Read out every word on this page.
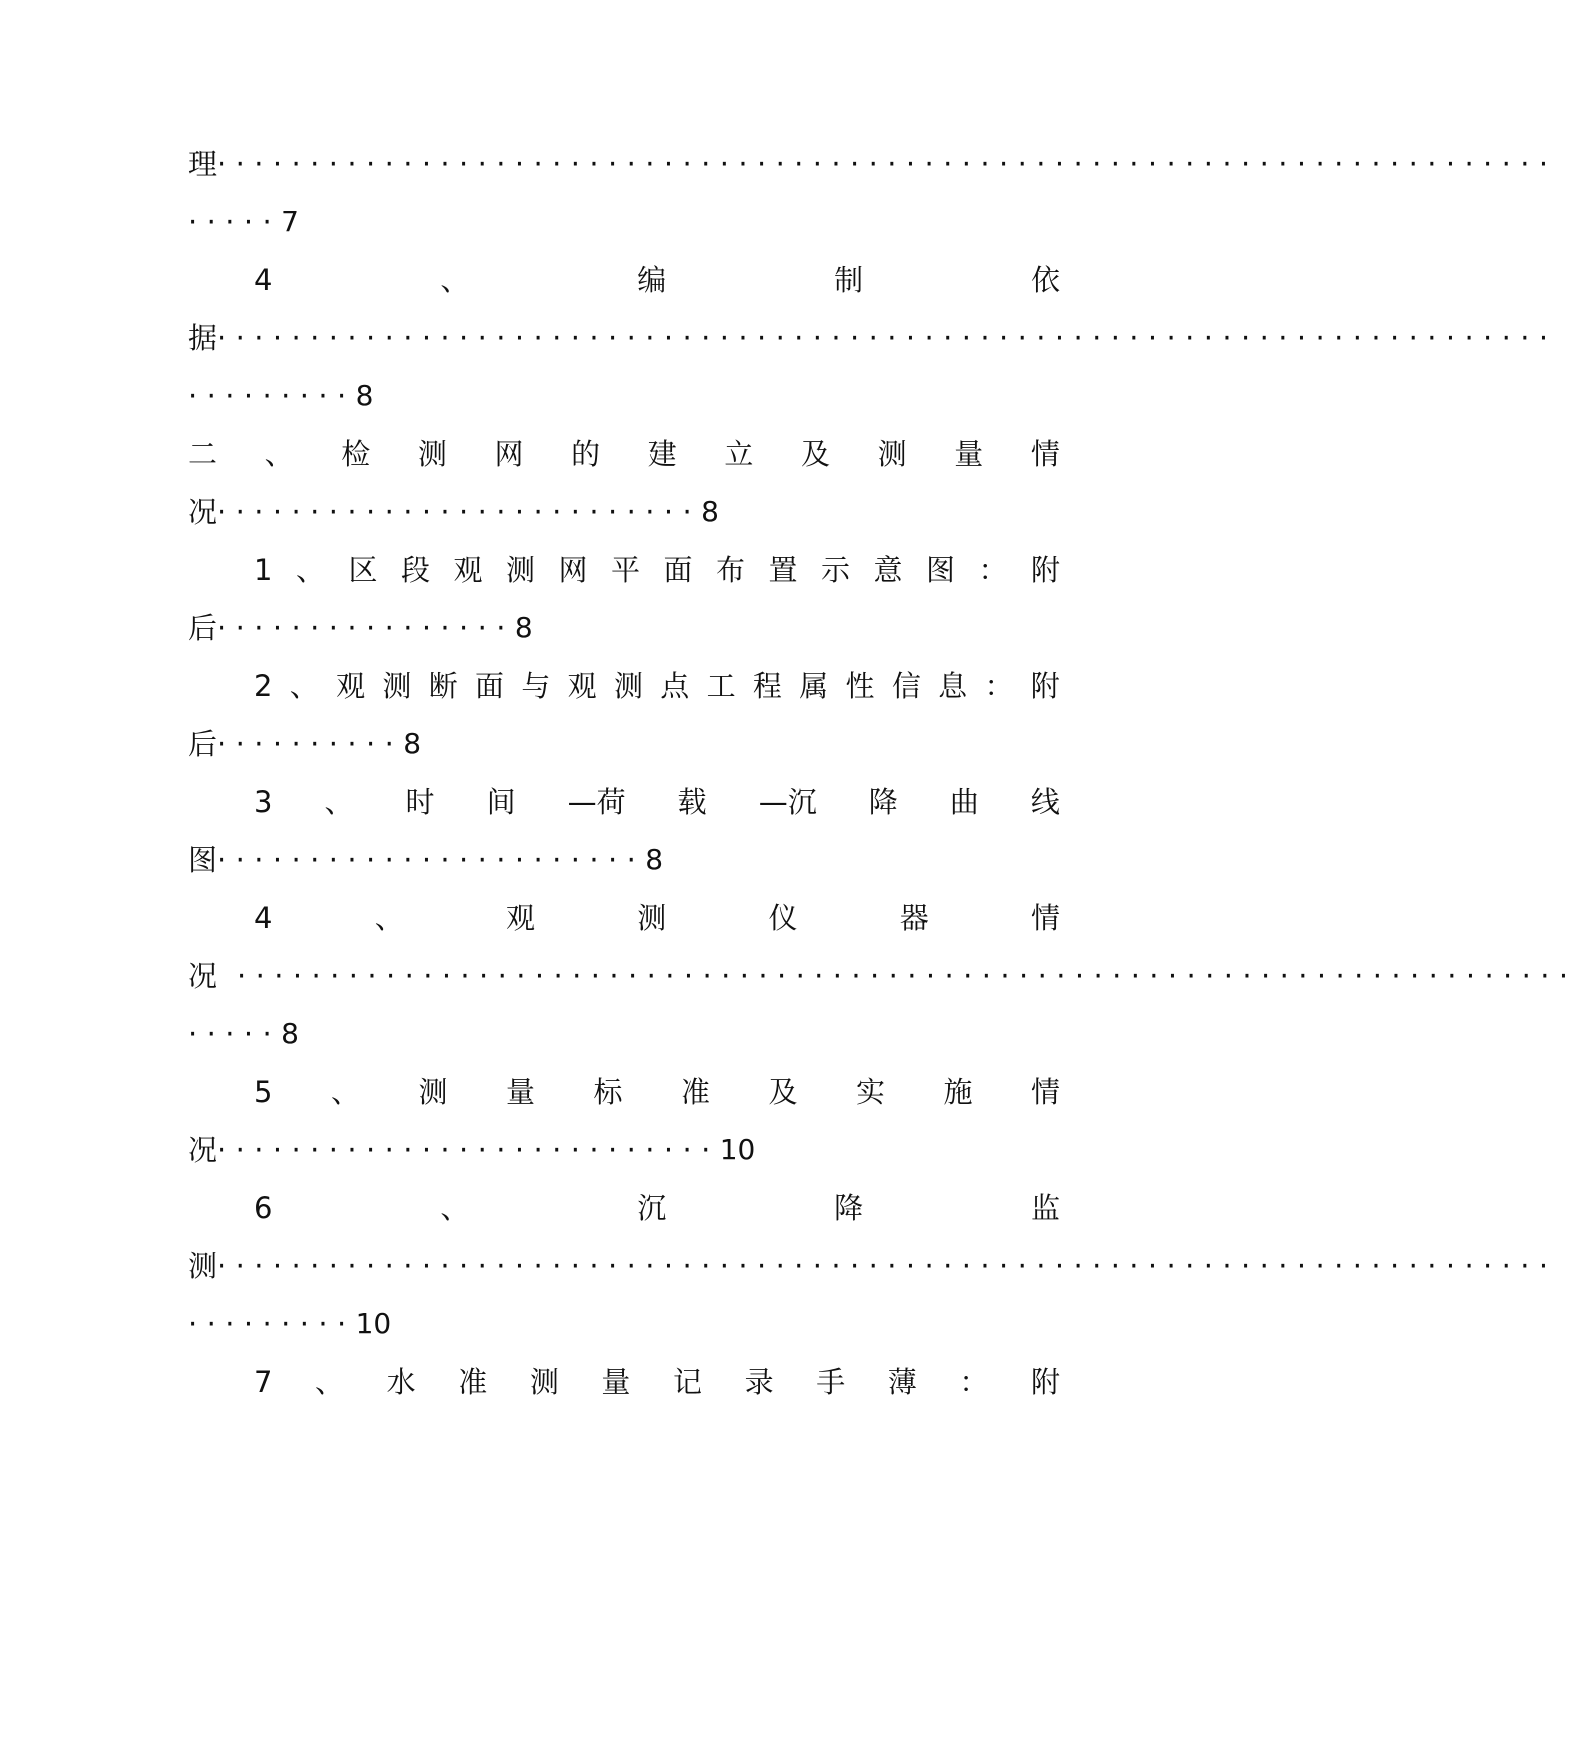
理 ········································································
····· 7
4	、	编	制	依
据 ········································································
········· 8
二 、 检 测 网 的 建 立 及 测 量 情
况 ·························· 8
1 、 区 段 观 测 网 平 面 布 置 示 意 图 ： 附
后 ················ 8
2 、 观 测 断 面 与 观 测 点 工 程 属 性 信 息 ： 附
后 ·········· 8
3 、 时 间 —荷 载 —沉 降 曲 线
图 ······················· 8
4	、	观	测	仪	器	情
况 ········································································
····· 8
5 、 测 量 标 准 及 实 施 情
况 ··························· 10
6	、	沉	降	监
测 ········································································
········· 10
7 、 水 准 测 量 记 录 手 薄 ： 附
